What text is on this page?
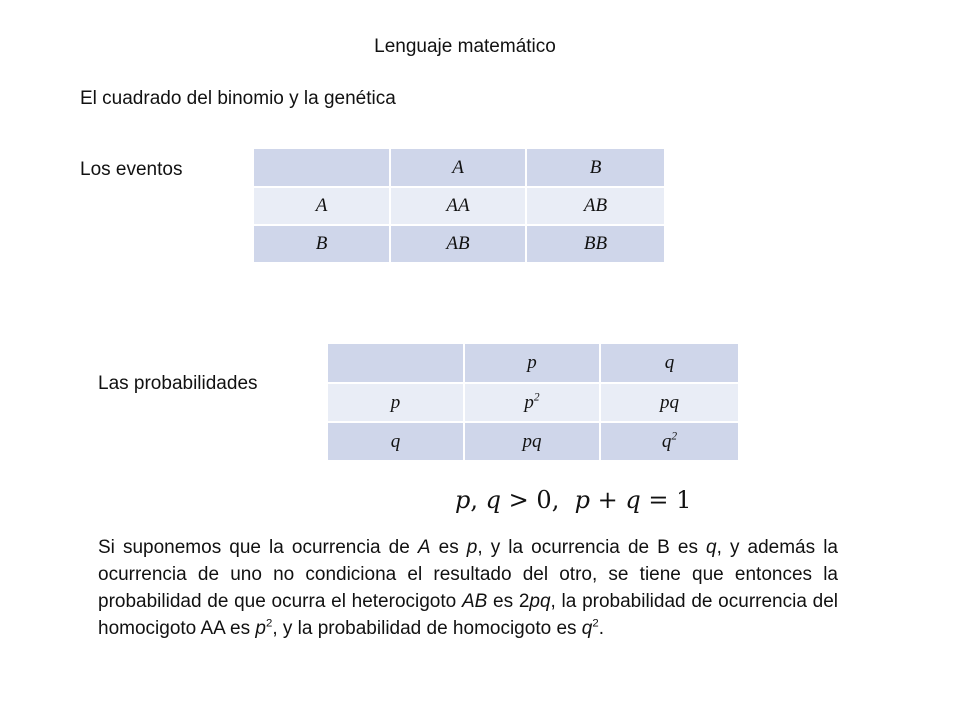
Lenguaje matemático
El cuadrado del binomio y la genética
Los eventos
		A	B
A	AA	AB
B	AB	BB
Las probabilidades
	p	q
p	$p^2$	pq
q	pq	$q^2$
p, q > 0, p + q = 1
Si suponemos que la ocurrencia de A es p, y la ocurrencia de B es q, y además la ocurrencia de uno no condiciona el resultado del otro, se tiene que entonces la probabilidad de que ocurra el heterocigoto AB es 2pq, la probabilidad de ocurrencia del homocigoto AA es $p^2$, y la probabilidad de homocigoto es $q^2$.
